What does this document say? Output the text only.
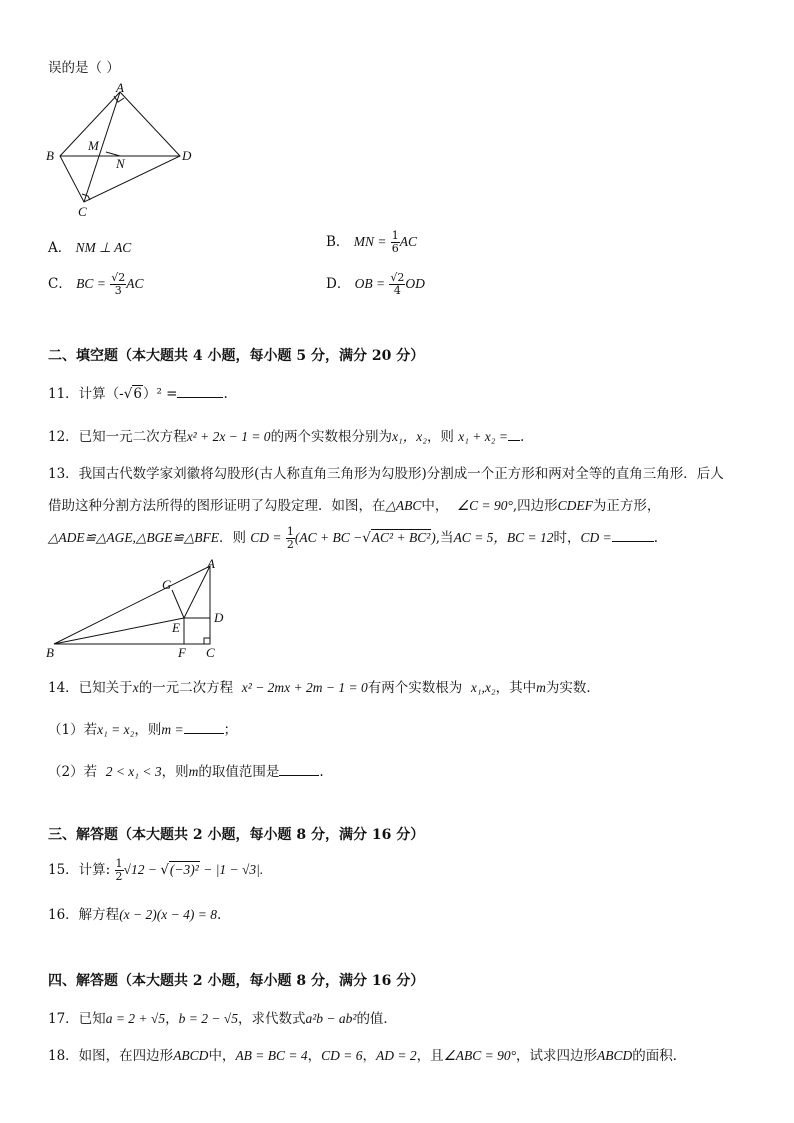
误的是（ ）
A
B
C
D
M
N
A． NM ⊥ AC	B． MN = $\frac{1}{6}$ AC
C． BC = $\frac{√2}{3}$ AC	D． OB = $\frac{√2}{4}$ OD
二、填空题（本大题共 4 小题，每小题 5 分，满分 20 分）
11．计算（-√6）² =	.
12．已知一元二次方程x² + 2x − 1 = 0的两个实数根分别为x₁，x₂，则 x₁ + x₂ = .
13．我国古代数学家刘徽将勾股形(古人称直角三角形为勾股形)分割成一个正方形和两对全等的直角三角形．后人
借助这种分割方法所得的图形证明了勾股定理．如图，在△ABC中， ∠C = 90°,四边形CDEF为正方形，
△ADE≌△AGE,△BGE≌△BFE．则 CD = $\frac{1}{2} (AC$ + BC −√AC² + BC²),当AC = 5，BC = 12时，CD =	.
A
B	C
D
E
F
G
14．已知关于x的一元二次方程 x² − 2mx + 2m − 1 = 0有两个实数根为 x₁,x₂，其中m为实数．
（1）若x₁ = x₂，则m =	；
（2）若 2 < x₁ < 3，则m的取值范围是	.
三、解答题（本大题共 2 小题，每小题 8 分，满分 16 分）
15．计算: $\frac{1}{2} √12 - √(-3)^2 - |1 - √3|$.
16．解方程(x − 2)(x − 4) = 8.
四、解答题（本大题共 2 小题，每小题 8 分，满分 16 分）
17．已知a = 2 + √5，b = 2 − √5，求代数式a²b − ab²的值．
18．如图，在四边形ABCD中，AB = BC = 4，CD = 6，AD = 2，且∠ABC = 90°，试求四边形ABCD的面积．
